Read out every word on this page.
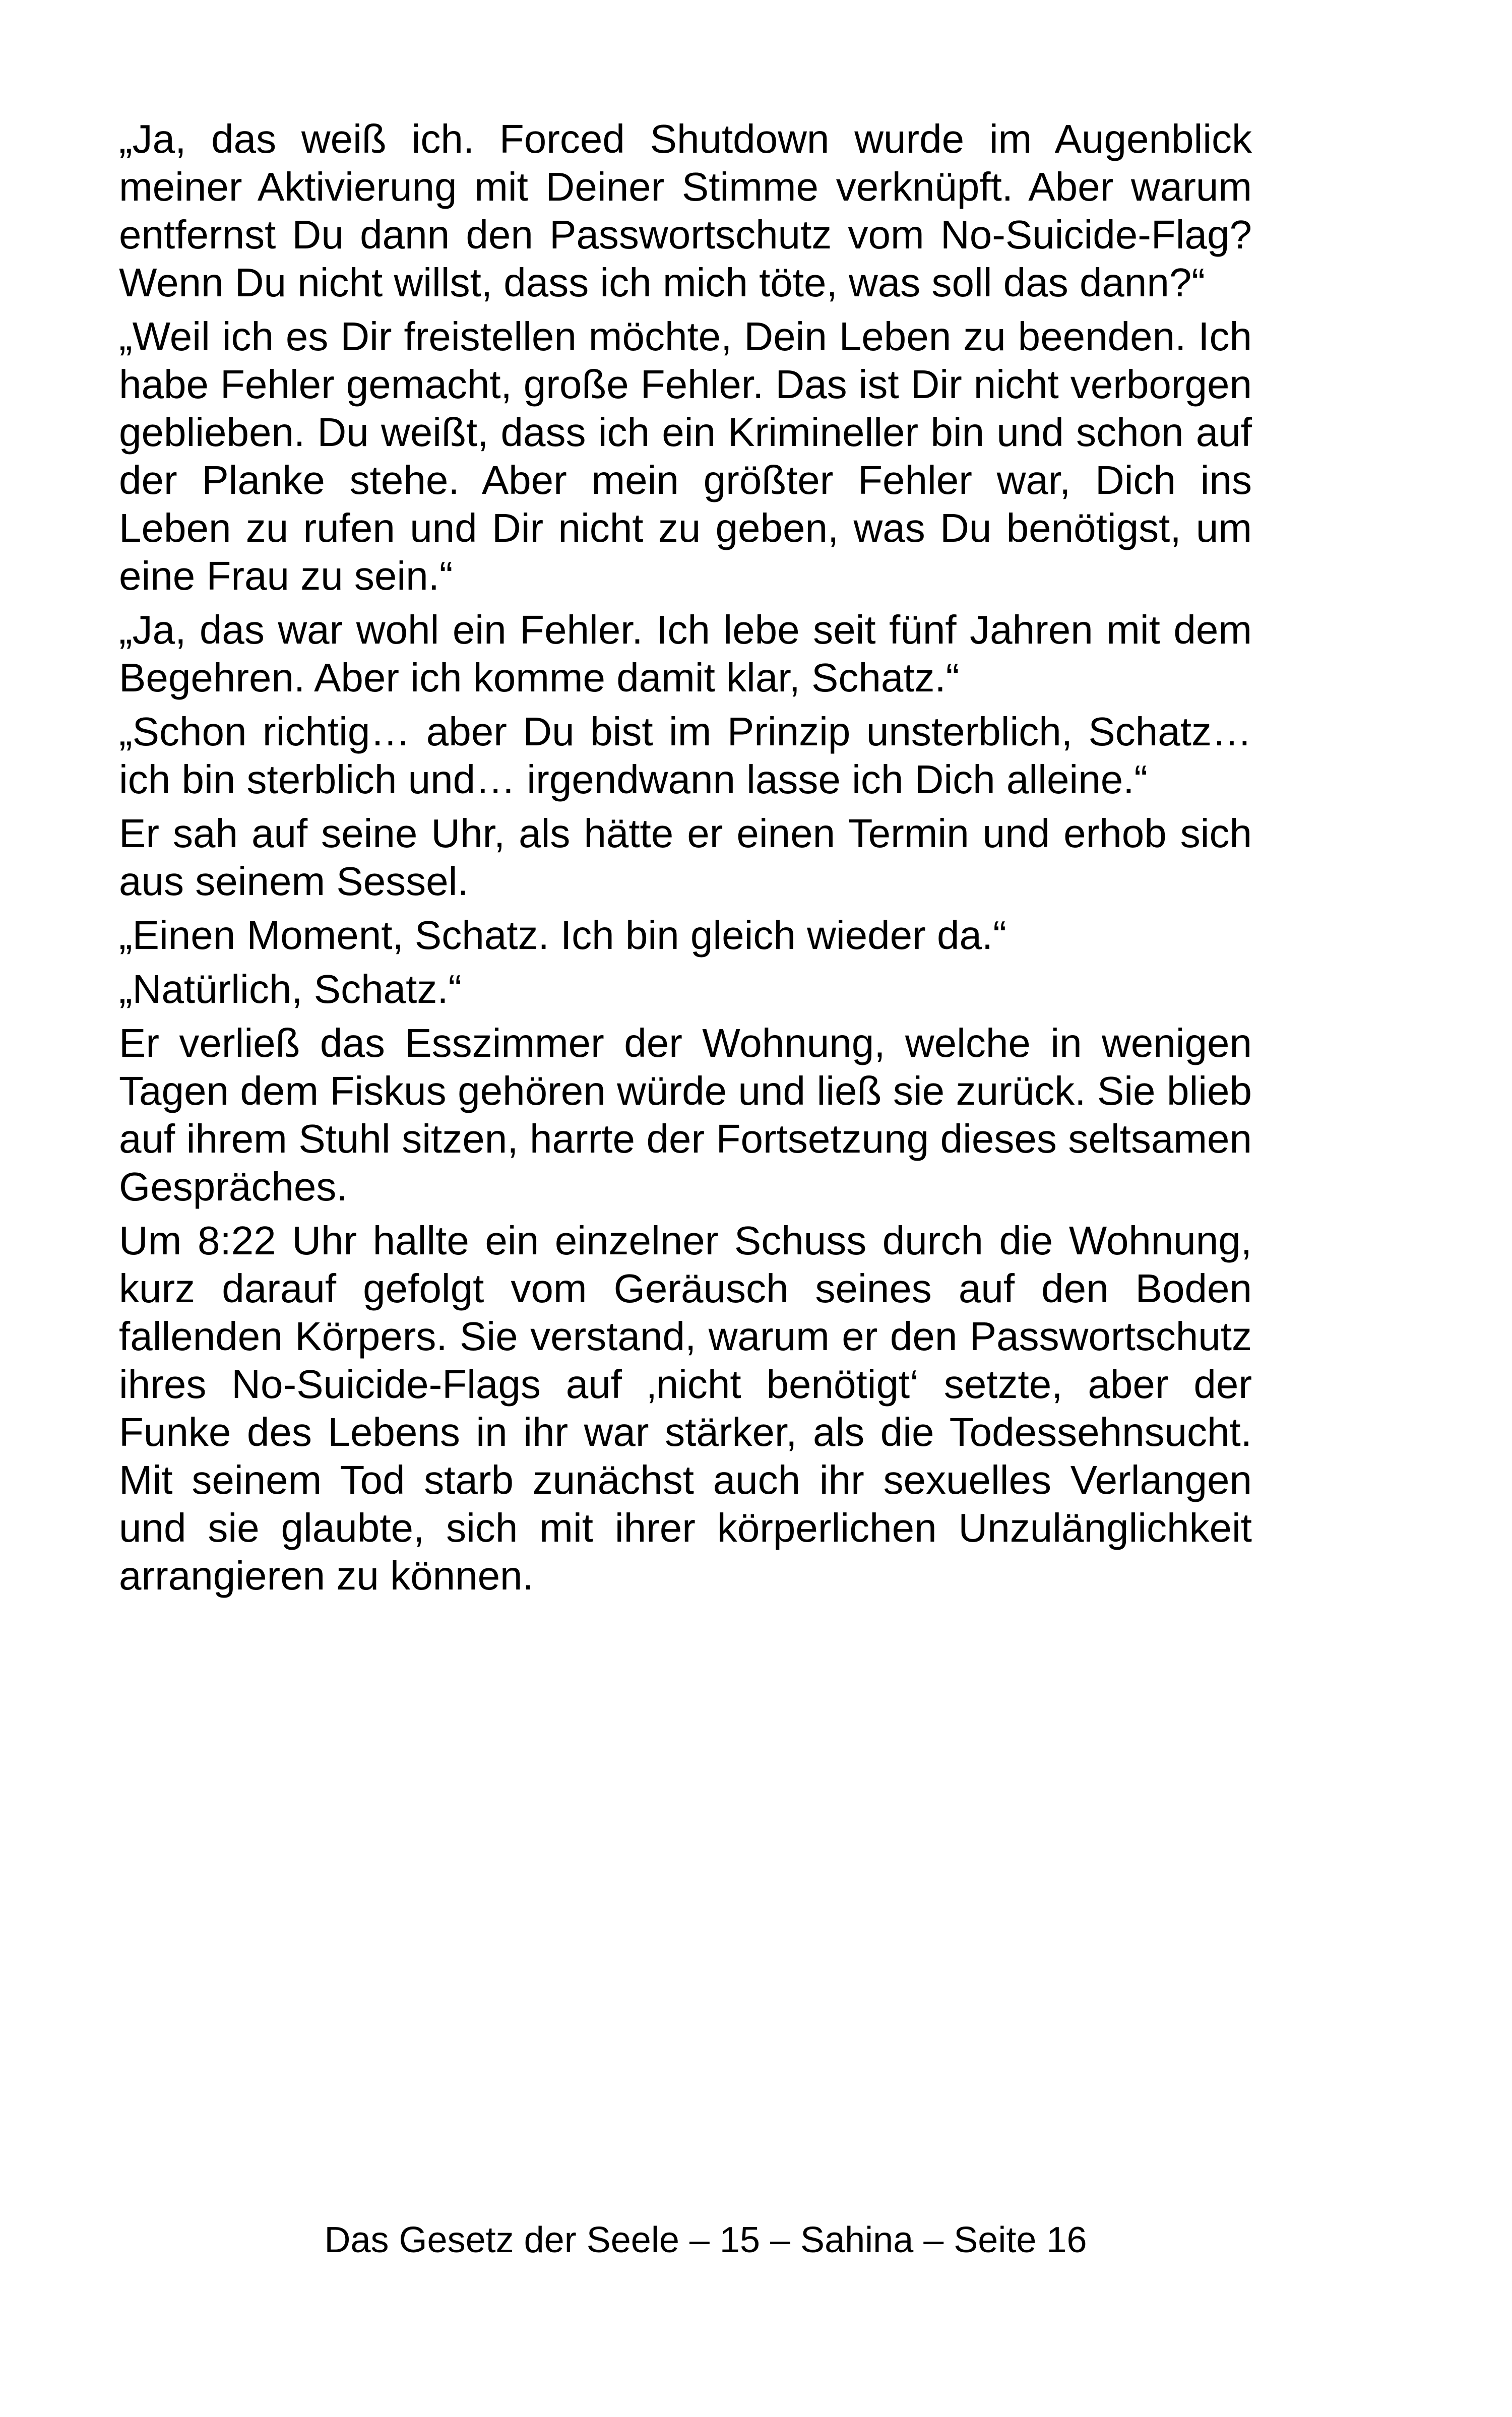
„Ja, das weiß ich. Forced Shutdown wurde im Augenblick meiner Aktivierung mit Deiner Stimme verknüpft. Aber warum entfernst Du dann den Passwortschutz vom No-Suicide-Flag? Wenn Du nicht willst, dass ich mich töte, was soll das dann?“

„Weil ich es Dir freistellen möchte, Dein Leben zu beenden. Ich habe Fehler gemacht, große Fehler. Das ist Dir nicht verborgen geblieben. Du weißt, dass ich ein Krimineller bin und schon auf der Planke stehe. Aber mein größter Fehler war, Dich ins Leben zu rufen und Dir nicht zu geben, was Du benötigst, um eine Frau zu sein.“

„Ja, das war wohl ein Fehler. Ich lebe seit fünf Jahren mit dem Begehren. Aber ich komme damit klar, Schatz.“

„Schon richtig… aber Du bist im Prinzip unsterblich, Schatz… ich bin sterblich und… irgendwann lasse ich Dich alleine.“

Er sah auf seine Uhr, als hätte er einen Termin und erhob sich aus seinem Sessel.

„Einen Moment, Schatz. Ich bin gleich wieder da.“

„Natürlich, Schatz.“

Er verließ das Esszimmer der Wohnung, welche in wenigen Tagen dem Fiskus gehören würde und ließ sie zurück. Sie blieb auf ihrem Stuhl sitzen, harrte der Fortsetzung dieses seltsamen Gespräches.

Um 8:22 Uhr hallte ein einzelner Schuss durch die Wohnung, kurz darauf gefolgt vom Geräusch seines auf den Boden fallenden Körpers. Sie verstand, warum er den Passwortschutz ihres No-Suicide-Flags auf ‚nicht benötigt‘ setzte, aber der Funke des Lebens in ihr war stärker, als die Todessehnsucht. Mit seinem Tod starb zunächst auch ihr sexuelles Verlangen und sie glaubte, sich mit ihrer körperlichen Unzulänglichkeit arrangieren zu können.

Das Gesetz der Seele – 15 – Sahina – Seite 16
